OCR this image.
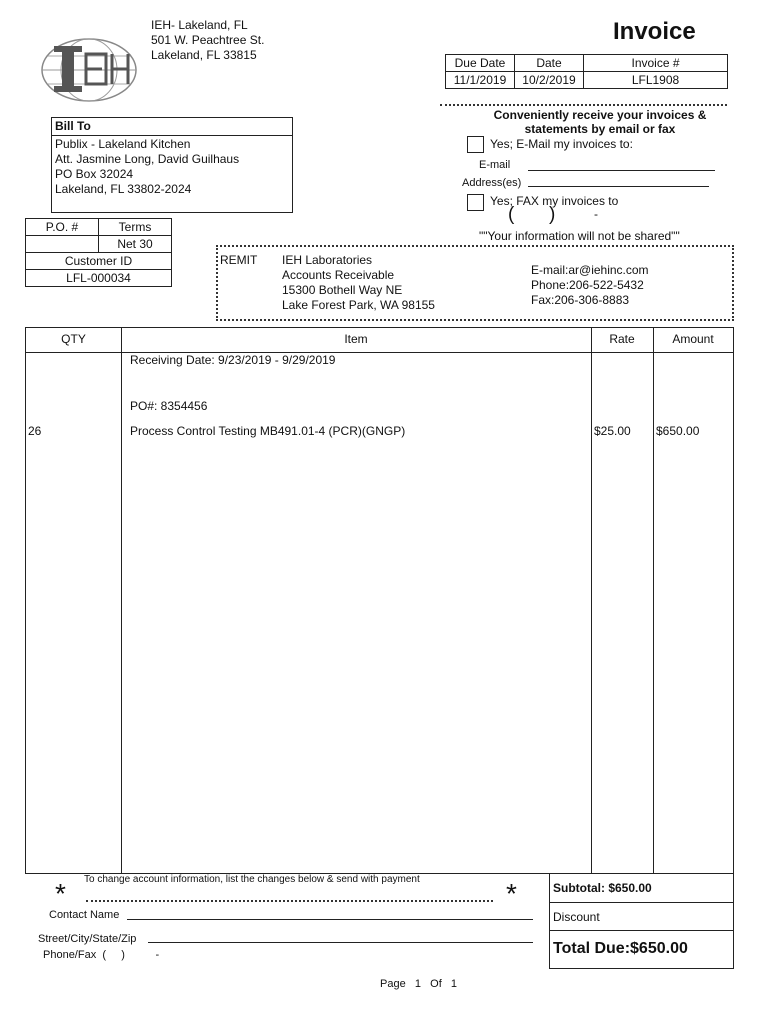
IEH- Lakeland, FL
501 W. Peachtree St.
Lakeland, FL 33815
Invoice
Due Date	Date	Invoice #
11/1/2019	10/2/2019	LFL1908
Bill To
Publix - Lakeland Kitchen
Att. Jasmine Long, David Guilhaus
PO Box 32024
Lakeland, FL 33802-2024
P.O. #	Terms
	Net 30
Customer ID	
LFL-000034	
Conveniently receive your invoices &
statements by email or fax
Yes; E-Mail my invoices to:
E-mail
Address(es)
Yes; FAX my invoices to
( )	-
""Your information will not be shared""
REMIT IEH Laboratories
Accounts Receivable
15300 Bothell Way NE
Lake Forest Park, WA 98155
E-mail:ar@iehinc.com
Phone:206-522-5432
Fax:206-306-8883
QTY	Item	Rate	Amount
Receiving Date: 9/23/2019 - 9/29/2019
PO#: 8354456
26	Process Control Testing MB491.01-4 (PCR)(GNGP)	$25.00 $650.00
To change account information, list the changes below & send with payment
*	*
Contact Name
Street/City/State/Zip
Phone/Fax  (     )          -
Subtotal: $650.00
Discount
Total Due:$650.00
Page   1   Of   1
